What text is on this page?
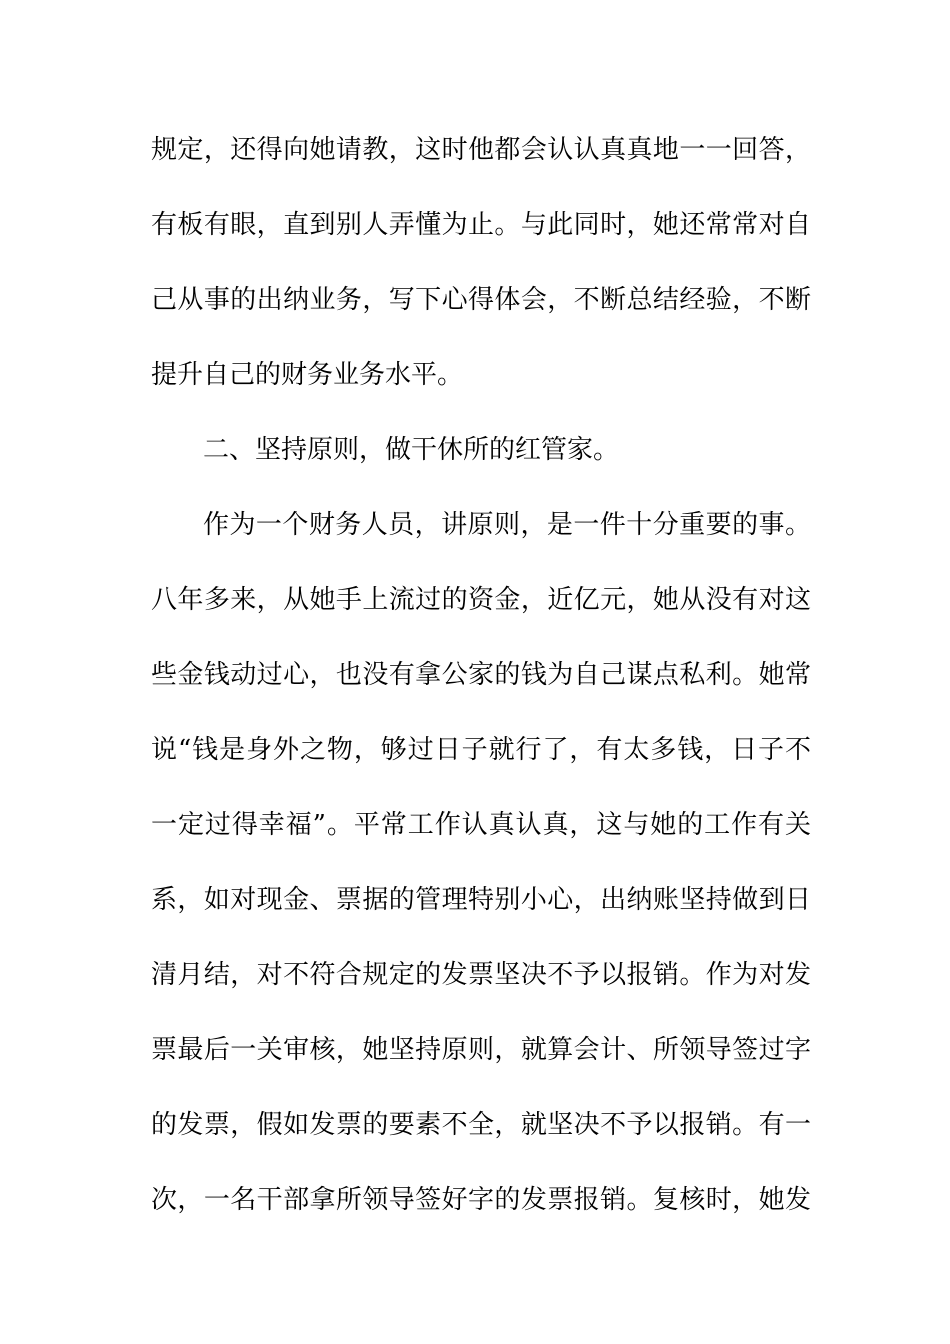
规定，还得向她请教，这时他都会认认真真地一一回答，
有板有眼，直到别人弄懂为止。与此同时，她还常常对自
己从事的出纳业务，写下心得体会，不断总结经验，不断
提升自己的财务业务水平。
二、坚持原则，做干休所的红管家。
作为一个财务人员，讲原则，是一件十分重要的事。
八年多来，从她手上流过的资金，近亿元，她从没有对这
些金钱动过心，也没有拿公家的钱为自己谋点私利。她常
说“钱是身外之物，够过日子就行了，有太多钱，日子不
一定过得幸福”。平常工作认真认真，这与她的工作有关
系，如对现金、票据的管理特别小心，出纳账坚持做到日
清月结，对不符合规定的发票坚决不予以报销。作为对发
票最后一关审核，她坚持原则，就算会计、所领导签过字
的发票，假如发票的要素不全，就坚决不予以报销。有一
次，一名干部拿所领导签好字的发票报销。复核时，她发
